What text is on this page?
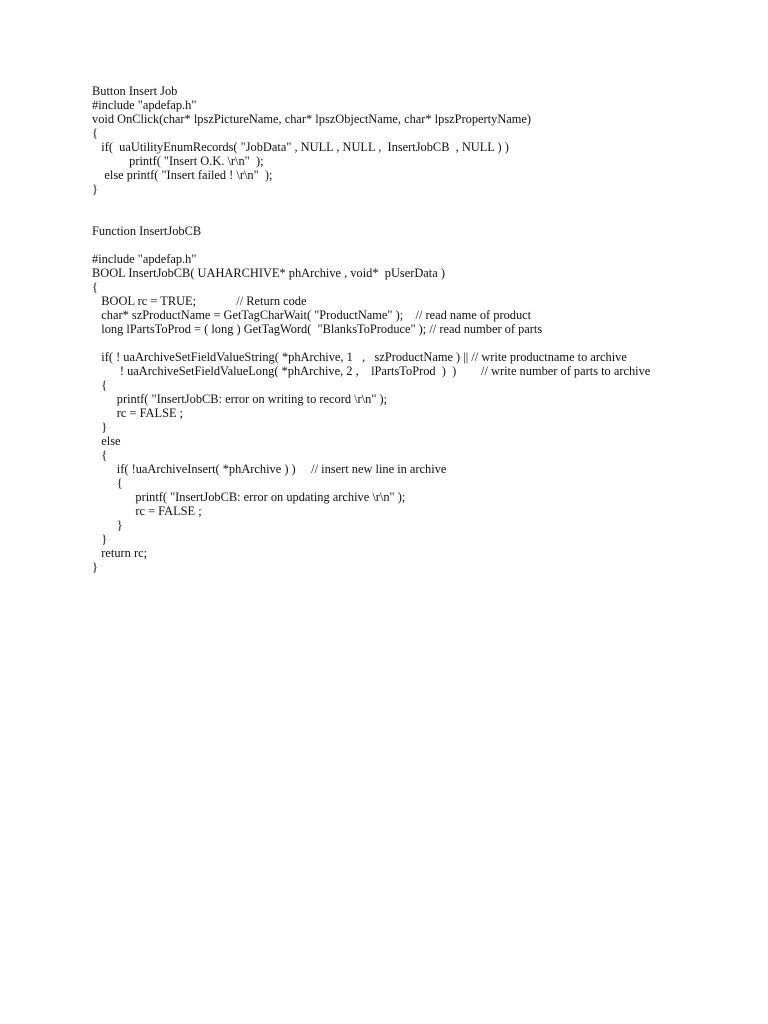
Button Insert Job
#include "apdefap.h"
void OnClick(char* lpszPictureName, char* lpszObjectName, char* lpszPropertyName)
{
if(  uaUtilityEnumRecords( "JobData" , NULL , NULL ,  InsertJobCB  , NULL ) )
printf( "Insert O.K. \r\n"  );
else printf( "Insert failed ! \r\n"  );
}
Function InsertJobCB
#include "apdefap.h"
BOOL InsertJobCB( UAHARCHIVE* phArchive , void*  pUserData )
{
BOOL rc = TRUE;             // Return code
char* szProductName = GetTagCharWait( "ProductName" );    // read name of product
long lPartsToProd = ( long ) GetTagWord(  "BlanksToProduce" ); // read number of parts
if( ! uaArchiveSetFieldValueString( *phArchive, 1   ,   szProductName ) || // write productname to archive
! uaArchiveSetFieldValueLong( *phArchive, 2 ,    lPartsToProd  )  )        // write number of parts to archive
{
printf( "InsertJobCB: error on writing to record \r\n" );
rc = FALSE ;
}
else
{
if( !uaArchiveInsert( *phArchive ) )     // insert new line in archive
{
printf( "InsertJobCB: error on updating archive \r\n" );
rc = FALSE ;
}
}
return rc;
}
